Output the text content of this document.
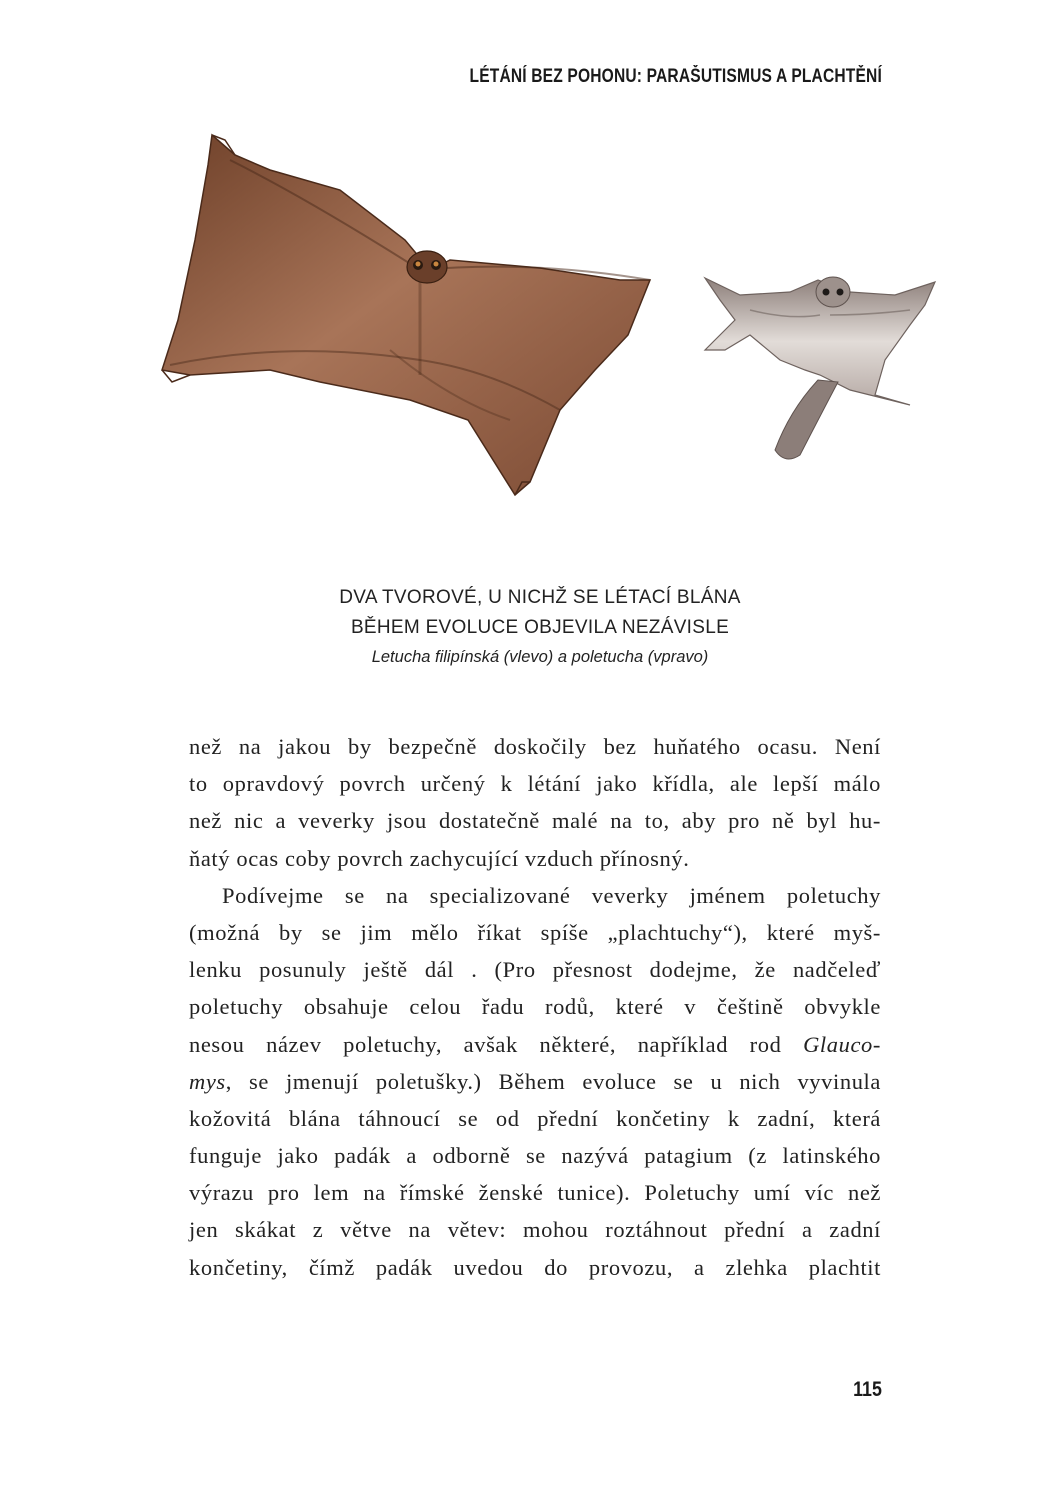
LÉTÁNÍ BEZ POHONU: PARAŠUTISMUS A PLACHTĚNÍ
DVA TVOROVÉ, U NICHŽ SE LÉTACÍ BLÁNA
BĚHEM EVOLUCE OBJEVILA NEZÁVISLE
Letucha filipínská (vlevo) a poletucha (vpravo)
než na jakou by bezpečně doskočily bez huňatého ocasu. Není
to opravdový povrch určený k létání jako křídla, ale lepší málo
než nic a veverky jsou dostatečně malé na to, aby pro ně byl hu-
ňatý ocas coby povrch zachycující vzduch přínosný.
Podívejme se na specializované veverky jménem poletuchy
(možná by se jim mělo říkat spíše „plachtuchy“), které myš-
lenku posunuly ještě dál . (Pro přesnost dodejme, že nadčeleď
poletuchy obsahuje celou řadu rodů, které v češtině obvykle
nesou název poletuchy, avšak některé, například rod Glauco-
mys, se jmenují poletušky.) Během evoluce se u nich vyvinula
kožovitá blána táhnoucí se od přední končetiny k zadní, která
funguje jako padák a odborně se nazývá patagium (z latinského
výrazu pro lem na římské ženské tunice). Poletuchy umí víc než
jen skákat z větve na větev: mohou roztáhnout přední a zadní
končetiny, čímž padák uvedou do provozu, a zlehka plachtit
115
